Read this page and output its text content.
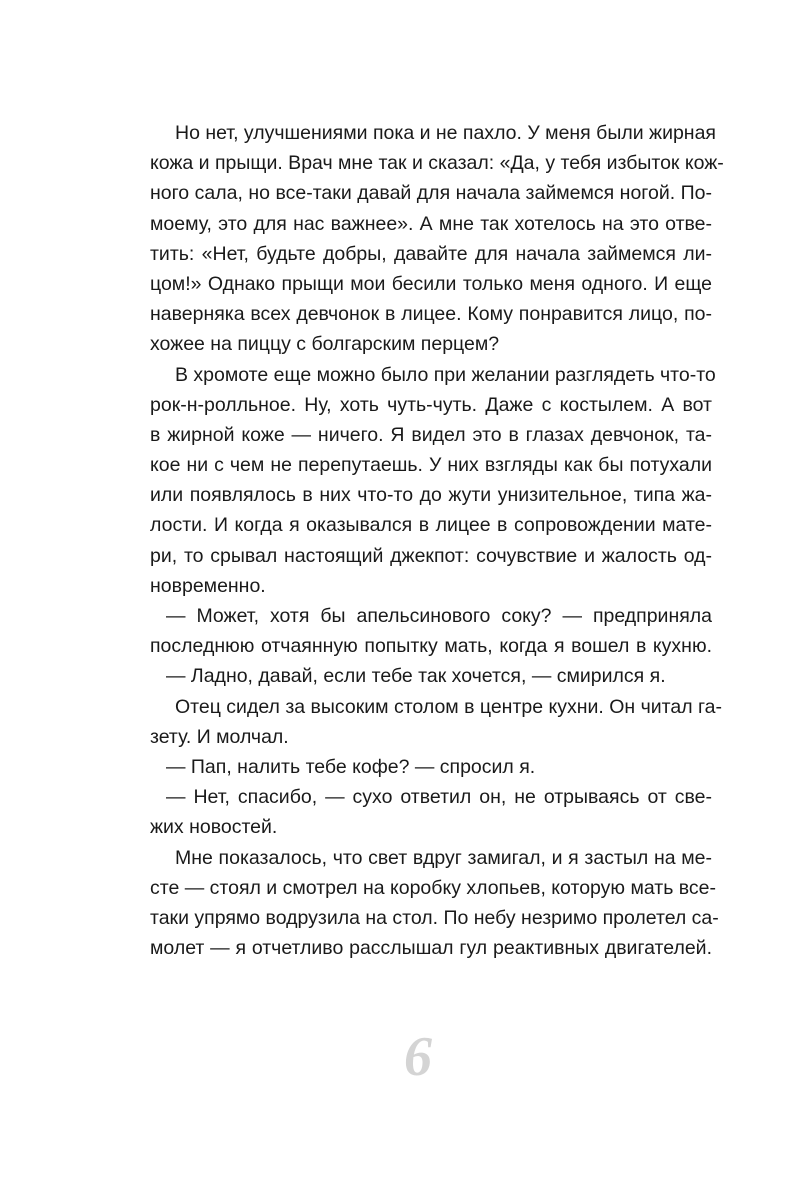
Но нет, улучшениями пока и не пахло. У меня были жирная
кожа и прыщи. Врач мне так и сказал: «Да, у тебя избыток кож-
ного сала, но все-таки давай для начала займемся ногой. По-
моему, это для нас важнее». А мне так хотелось на это отве-
тить: «Нет, будьте добры, давайте для начала займемся ли-
цом!» Однако прыщи мои бесили только меня одного. И еще
наверняка всех девчонок в лицее. Кому понравится лицо, по-
хожее на пиццу с болгарским перцем?
В хромоте еще можно было при желании разглядеть что-то
рок-н-ролльное. Ну, хоть чуть-чуть. Даже с костылем. А вот
в жирной коже — ничего. Я видел это в глазах девчонок, та-
кое ни с чем не перепутаешь. У них взгляды как бы потухали
или появлялось в них что-то до жути унизительное, типа жа-
лости. И когда я оказывался в лицее в сопровождении мате-
ри, то срывал настоящий джекпот: сочувствие и жалость од-
новременно.
— Может, хотя бы апельсинового соку? — предприняла
последнюю отчаянную попытку мать, когда я вошел в кухню.
— Ладно, давай, если тебе так хочется, — смирился я.
Отец сидел за высоким столом в центре кухни. Он читал га-
зету. И молчал.
— Пап, налить тебе кофе? — спросил я.
— Нет, спасибо, — сухо ответил он, не отрываясь от све-
жих новостей.
Мне показалось, что свет вдруг замигал, и я застыл на ме-
сте — стоял и смотрел на коробку хлопьев, которую мать все-
таки упрямо водрузила на стол. По небу незримо пролетел са-
молет — я отчетливо расслышал гул реактивных двигателей.
6
